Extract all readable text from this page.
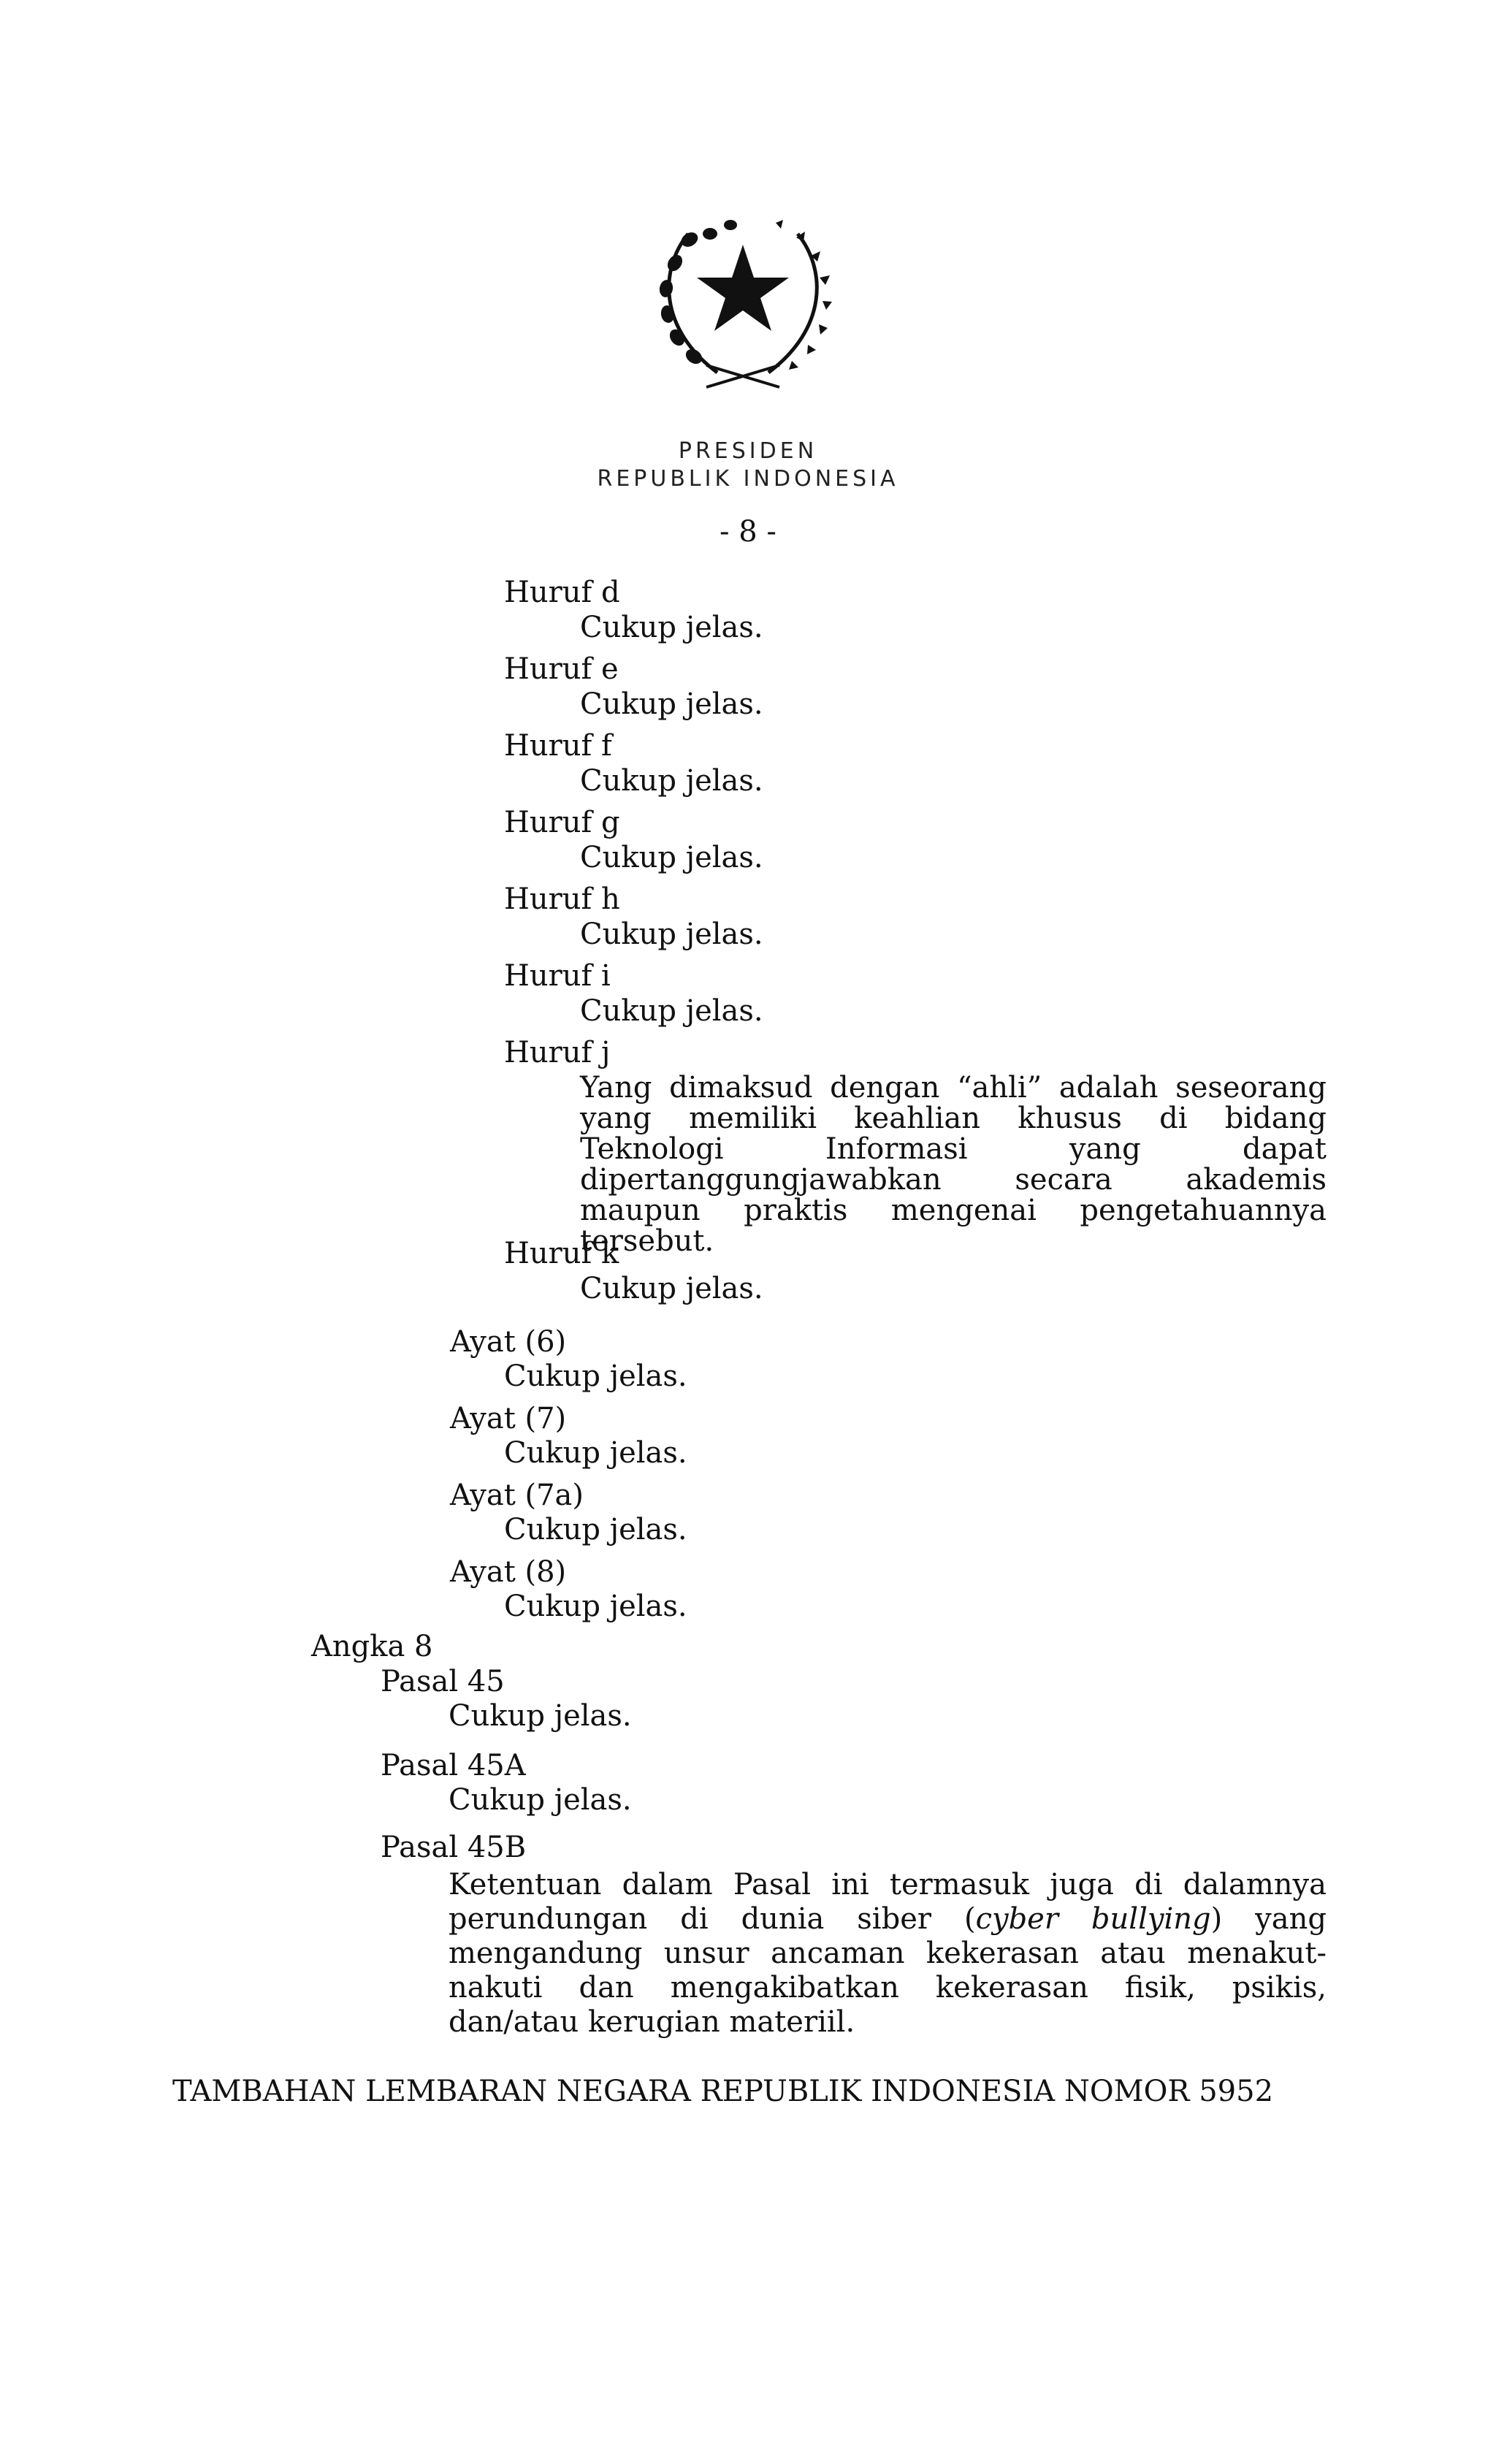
PRESIDEN
REPUBLIK INDONESIA
- 8 -
Huruf d
Cukup jelas.
Huruf e
Cukup jelas.
Huruf f
Cukup jelas.
Huruf g
Cukup jelas.
Huruf h
Cukup jelas.
Huruf i
Cukup jelas.
Huruf j
Yang dimaksud dengan “ahli” adalah seseorang yang memiliki keahlian khusus di bidang Teknologi Informasi yang dapat dipertanggungjawabkan secara akademis maupun praktis mengenai pengetahuannya tersebut.
Huruf k
Cukup jelas.
Ayat (6)
Cukup jelas.
Ayat (7)
Cukup jelas.
Ayat (7a)
Cukup jelas.
Ayat (8)
Cukup jelas.
Angka 8
Pasal 45
Cukup jelas.
Pasal 45A
Cukup jelas.
Pasal 45B
Ketentuan dalam Pasal ini termasuk juga di dalamnya perundungan di dunia siber (cyber bullying) yang mengandung unsur ancaman kekerasan atau menakut-nakuti dan mengakibatkan kekerasan fisik, psikis, dan/atau kerugian materiil.
TAMBAHAN LEMBARAN NEGARA REPUBLIK INDONESIA NOMOR 5952
